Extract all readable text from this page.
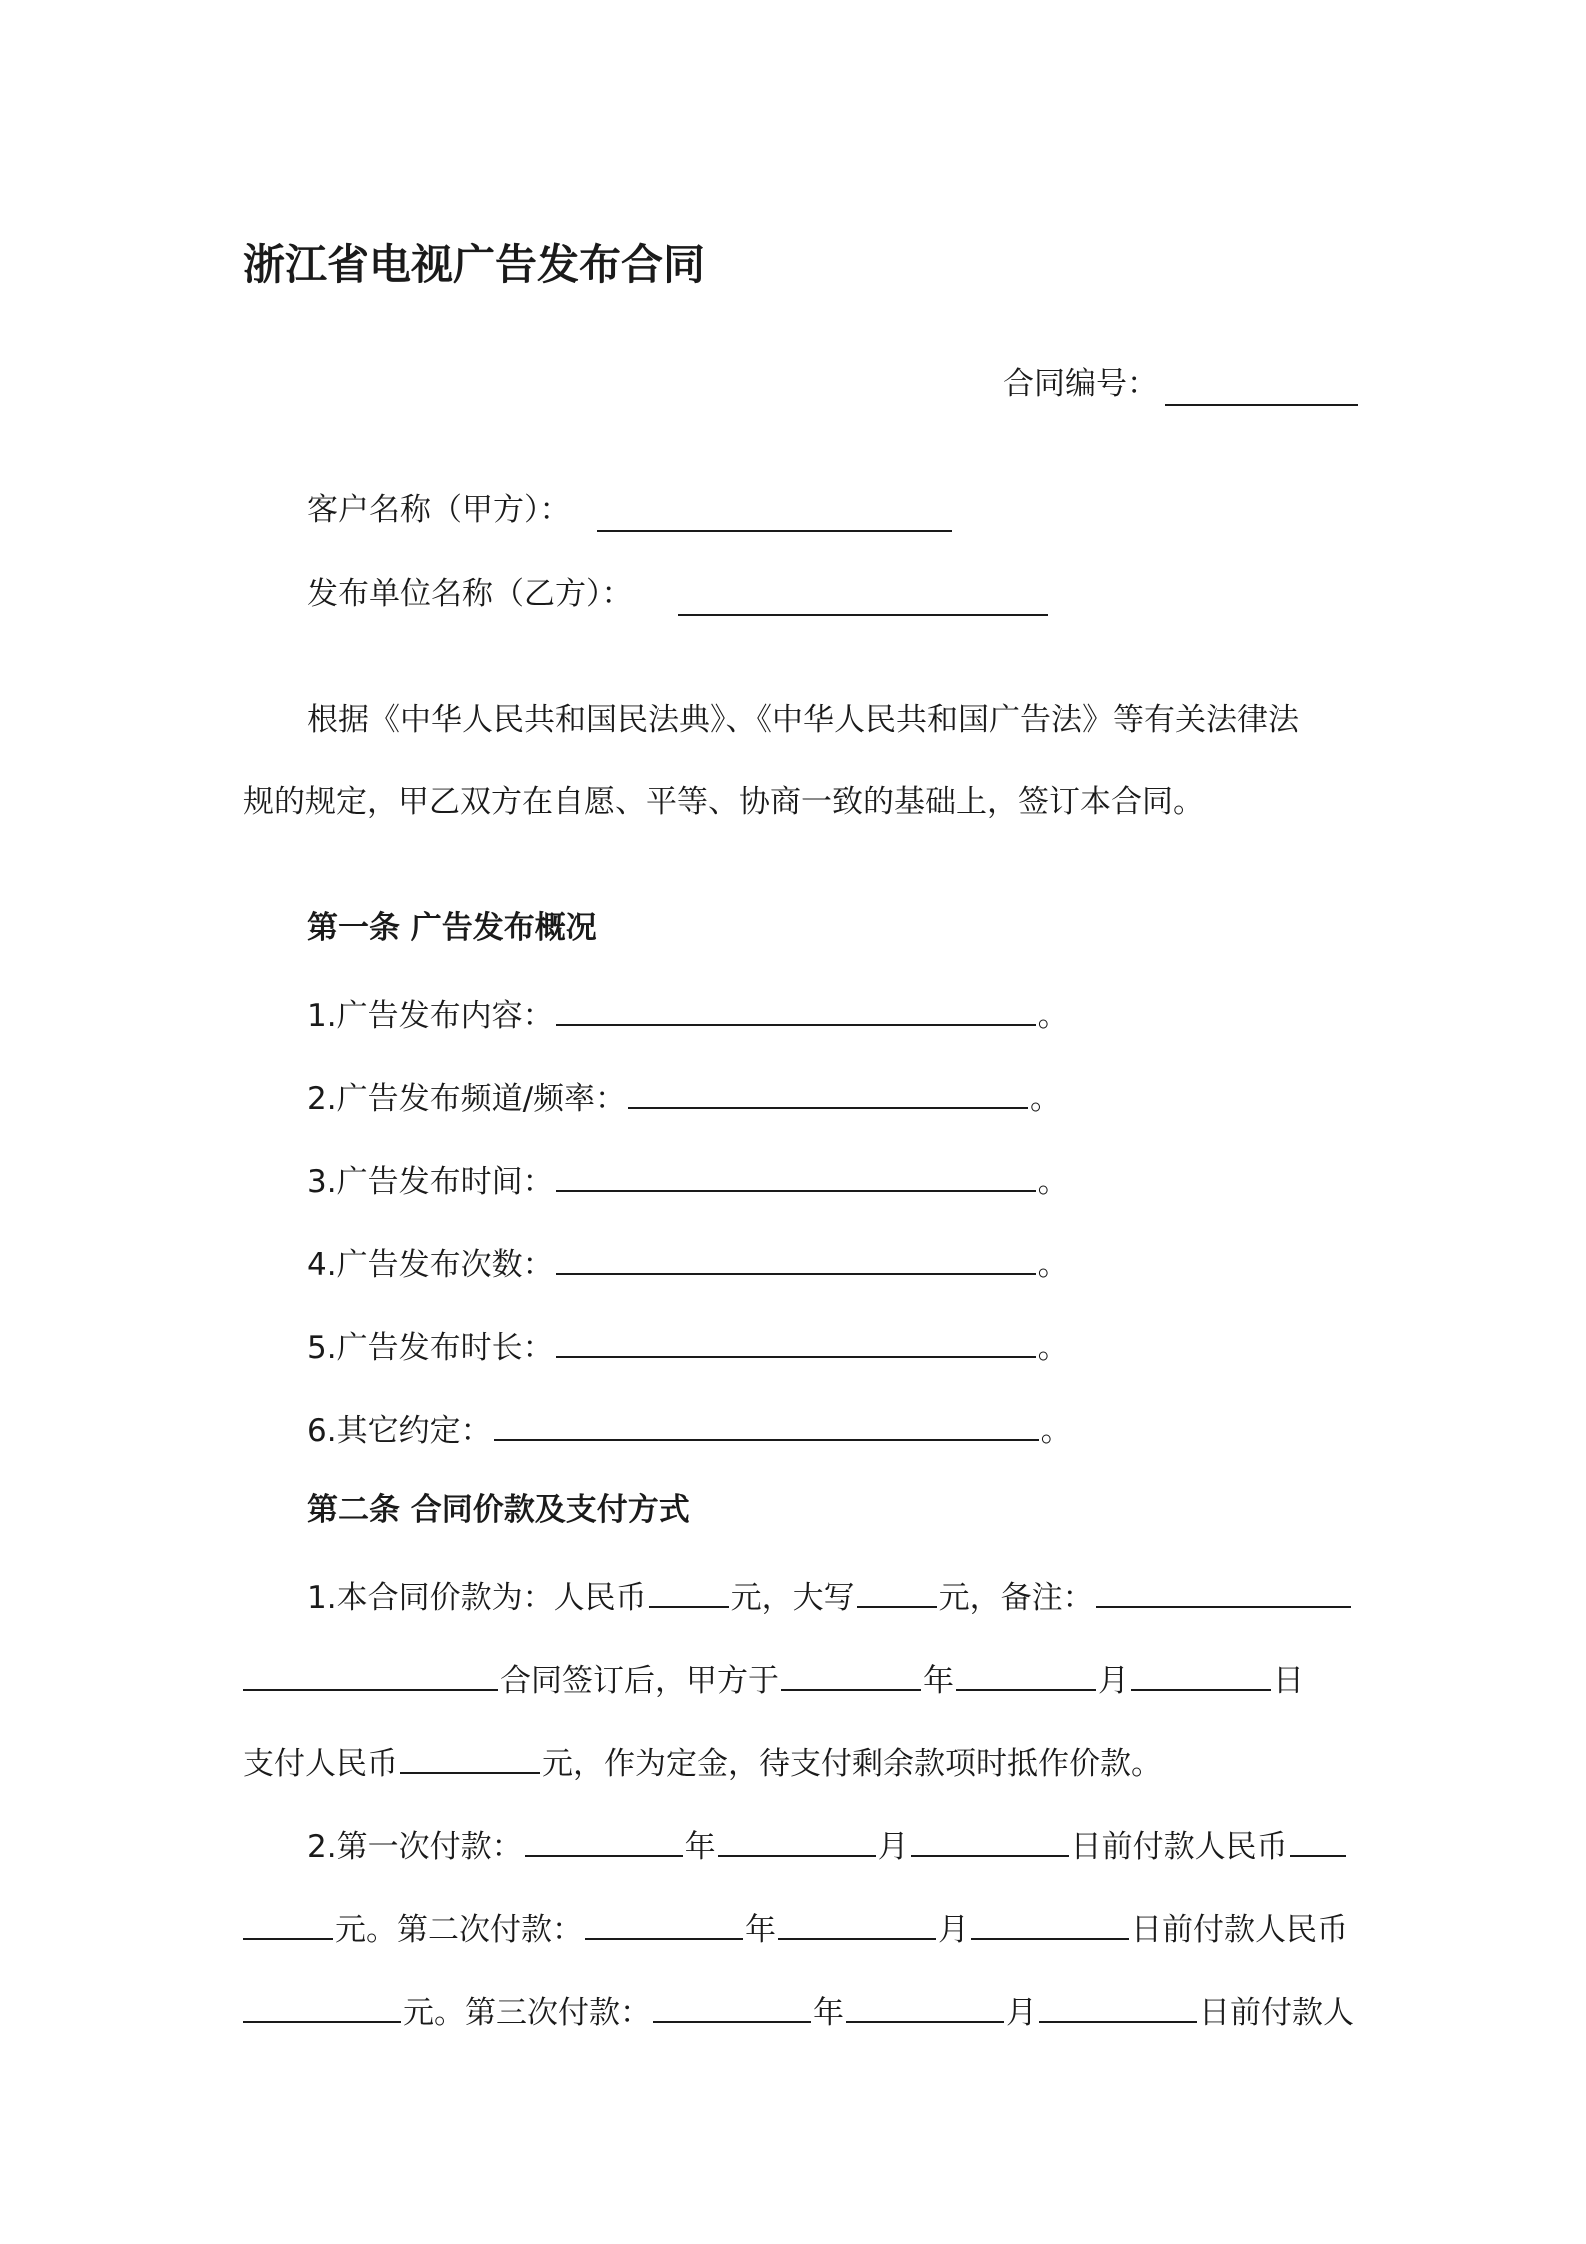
浙江省电视广告发布合同
合同编号：
客户名称（甲方）：
发布单位名称（乙方）：
根据《中华人民共和国民法典》、《中华人民共和国广告法》等有关法律法
规的规定，甲乙双方在自愿、平等、协商一致的基础上，签订本合同。
第一条 广告发布概况
1.广告发布内容：	。
2.广告发布频道/频率：	。
3.广告发布时间：	。
4.广告发布次数：	。
5.广告发布时长：	。
6.其它约定：	。
第二条 合同价款及支付方式
1.本合同价款为：人民币	元，大写	元，备注：
合同签订后，甲方于	年	月	日
支付人民币	元，作为定金，待支付剩余款项时抵作价款。
2.第一次付款：	年	月	日前付款人民币
元。第二次付款：	年	月	日前付款人民币
元。第三次付款：	年	月	日前付款人
